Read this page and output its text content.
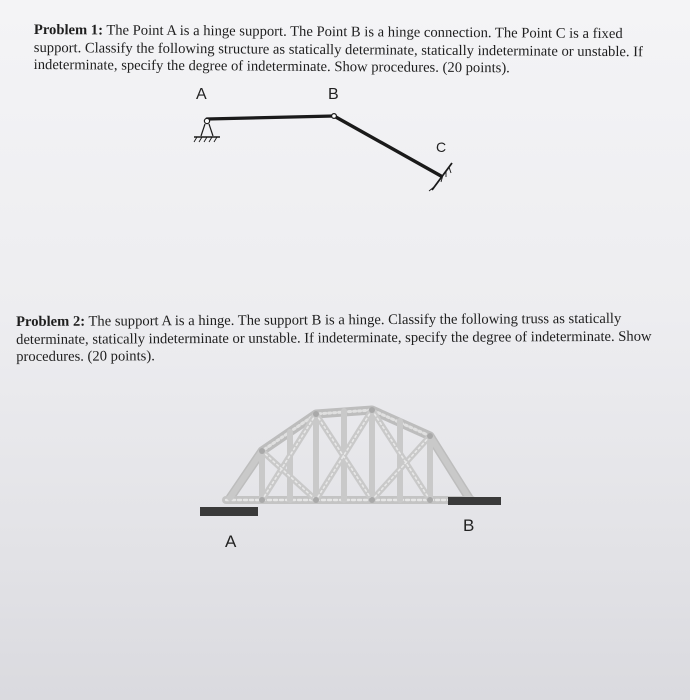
Problem 1: The Point A is a hinge support. The Point B is a hinge connection. The Point C is a fixed support. Classify the following structure as statically determinate, statically indeterminate or unstable. If indeterminate, specify the degree of indeterminate. Show procedures. (20 points).

A	B
C

Problem 2: The support A is a hinge. The support B is a hinge. Classify the following truss as statically determinate, statically indeterminate or unstable. If indeterminate, specify the degree of indeterminate. Show procedures. (20 points).

A
B
